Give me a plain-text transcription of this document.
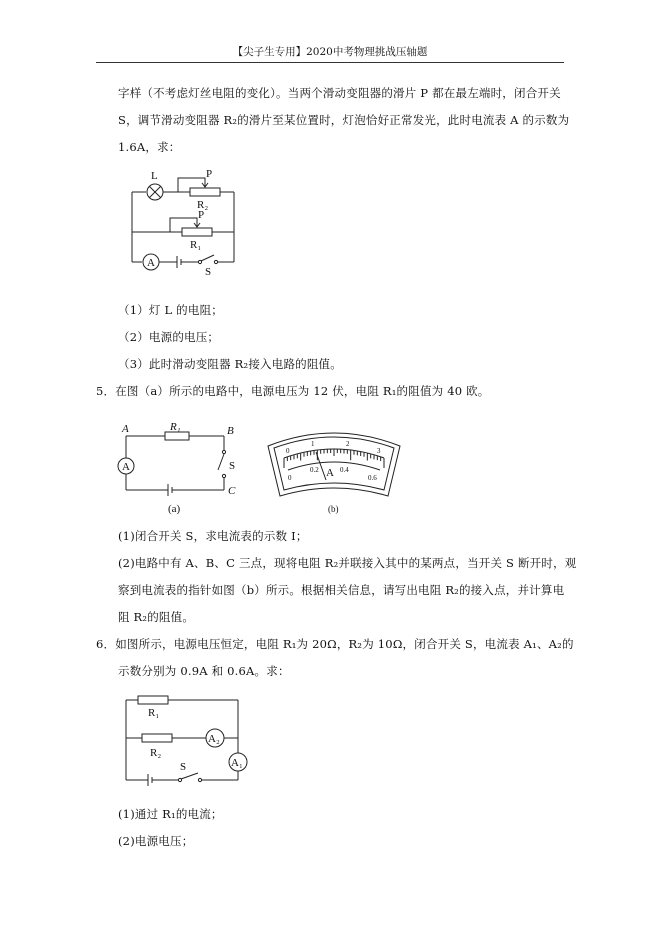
【尖子生专用】2020中考物理挑战压轴题
字样（不考虑灯丝电阻的变化）。当两个滑动变阻器的滑片 P 都在最左端时，闭合开关
S，调节滑动变阻器 R₂的滑片至某位置时，灯泡恰好正常发光，此时电流表 A 的示数为
1.6A，求：
L	P
R₂
P
R₁
A
S
（1）灯 L 的电阻；
（2）电源的电压；
（3）此时滑动变阻器 R₂接入电路的阻值。
5．在图（a）所示的电路中，电源电压为 12 伏，电阻 R₁的阻值为 40 欧。
A	B
C
R₁
A	S
(a)
0
1	2
3
0
0.2	0.4
0.6
A
(b)
(1)闭合开关 S，求电流表的示数 I；
(2)电路中有 A、B、C 三点，现将电阻 R₂并联接入其中的某两点，当开关 S 断开时，观
察到电流表的指针如图（b）所示。根据相关信息，请写出电阻 R₂的接入点，并计算电
阻 R₂的阻值。
6．如图所示，电源电压恒定，电阻 R₁为 20Ω，R₂为 10Ω，闭合开关 S，电流表 A₁、A₂的
示数分别为 0.9A 和 0.6A。求：
R₁
R₂
A₂
A₁
S
(1)通过 R₁的电流；
(2)电源电压；
